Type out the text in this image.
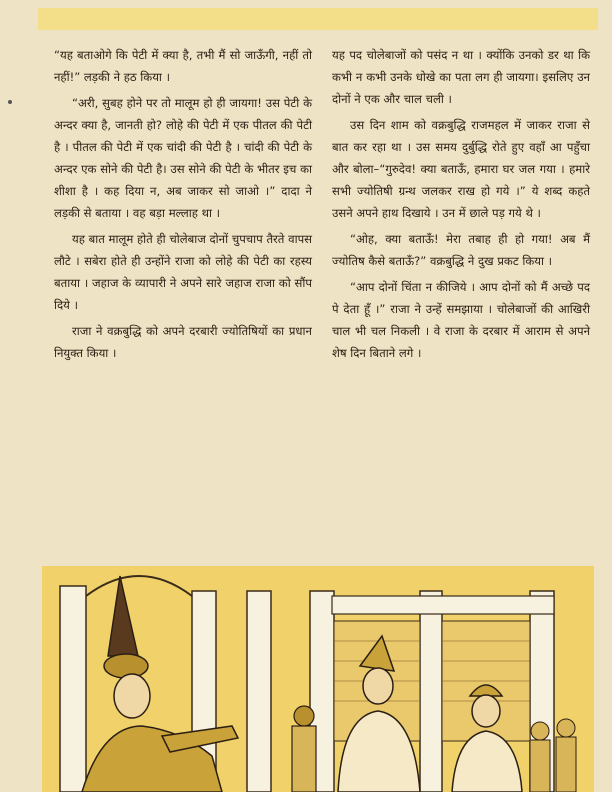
“यह बताओगे कि पेटी में क्या है, तभी मैं सो जाऊँगी, नहीं तो नहीं!” लड़की ने हठ किया ।

“अरी, सुबह होने पर तो मालूम हो ही जायगा! उस पेटी के अन्दर क्या है, जानती हो? लोहे की पेटी में एक पीतल की पेटी है । पीतल की पेटी में एक चांदी की पेटी है । चांदी की पेटी के अन्दर एक सोने की पेटी है। उस सोने की पेटी के भीतर इच का शीशा है । कह दिया न, अब जाकर सो जाओ ।” दादा ने लड़की से बताया । वह बड़ा मल्लाह था ।

यह बात मालूम होते ही चोलेबाज दोनों चुपचाप तैरते वापस लौटे । सबेरा होते ही उन्होंने राजा को लोहे की पेटी का रहस्य बताया । जहाज के व्यापारी ने अपने सारे जहाज राजा को सौंप दिये ।

राजा ने वक्रबुद्धि को अपने दरबारी ज्योतिषियों का प्रधान नियुक्त किया ।

यह पद चोलेबाजों को पसंद न था । क्योंकि उनको डर था कि कभी न कभी उनके धोखे का पता लग ही जायगा। इसलिए उन दोनों ने एक और चाल चली ।

उस दिन शाम को वक्रबुद्धि राजमहल में जाकर राजा से बात कर रहा था । उस समय दुर्बुद्धि रोते हुए वहाँ आ पहुँचा और बोला–“गुरुदेव! क्या बताऊँ, हमारा घर जल गया । हमारे सभी ज्योतिषी ग्रन्थ जलकर राख हो गये ।” ये शब्द कहते उसने अपने हाथ दिखाये । उन में छाले पड़ गये थे ।

“ओह, क्या बताऊँ! मेरा तबाह ही हो गया! अब मैं ज्योतिष कैसे बताऊँ?” वक्रबुद्धि ने दुख प्रकट किया ।

“आप दोनों चिंता न कीजिये । आप दोनों को मैं अच्छे पद पे देता हूँ ।” राजा ने उन्हें समझाया । चोलेबाजों की आखिरी चाल भी चल निकली । वे राजा के दरबार में आराम से अपने शेष दिन बिताने लगे ।
